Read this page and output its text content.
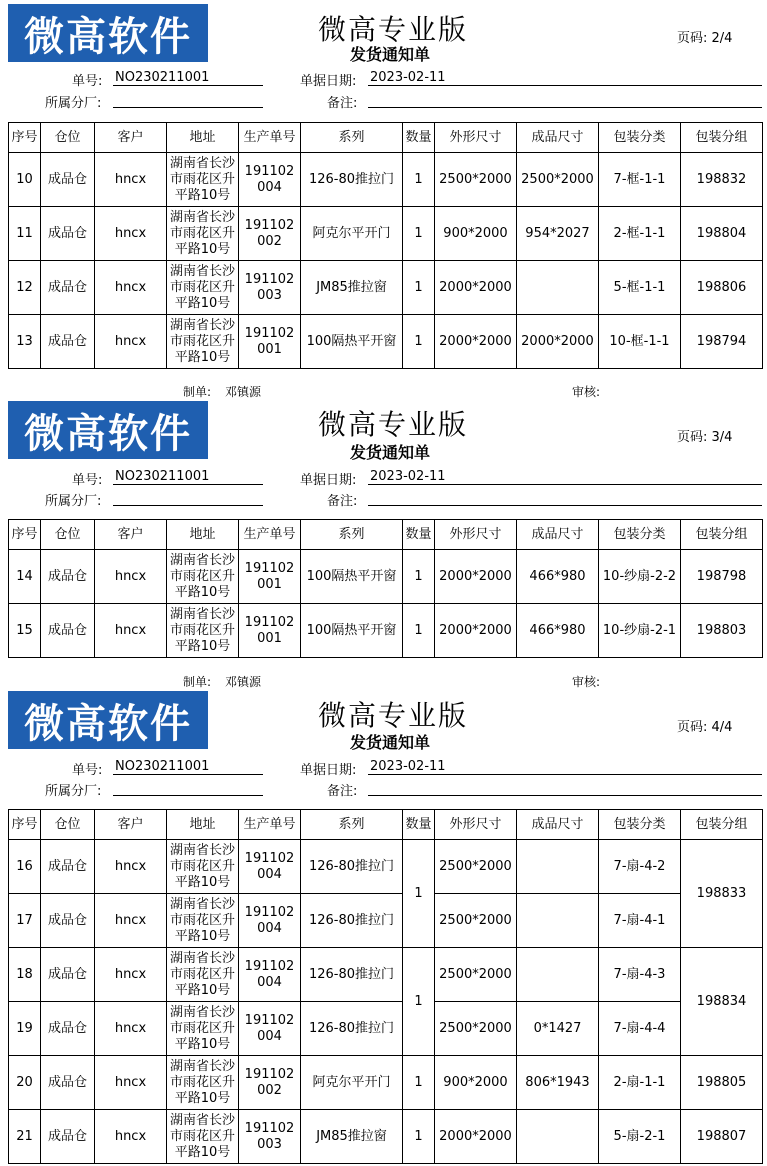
微高软件	微高专业版
发货通知单
页码: 2/4
单号: NO230211001	单据日期: 2023-02-11
所属分厂:	备注:
序号	仓位	客户	地址	生产单号	系列	数量	外形尺寸	成品尺寸	包装分类	包装分组
10	成品仓	hncx	湖南省长沙市雨花区升平路10号	191102004	126-80推拉门	1	2500*2000	2500*2000	7-框-1-1	198832
11	成品仓	hncx	湖南省长沙市雨花区升平路10号	191102002	阿克尔平开门	1	900*2000	954*2027	2-框-1-1	198804
12	成品仓	hncx	湖南省长沙市雨花区升平路10号	191102003	JM85推拉窗	1	2000*2000		5-框-1-1	198806
13	成品仓	hncx	湖南省长沙市雨花区升平路10号	191102001	100隔热平开窗	1	2000*2000	2000*2000	10-框-1-1	198794
制单: 邓镇源	审核:
微高软件	微高专业版
发货通知单
页码: 3/4
单号: NO230211001	单据日期: 2023-02-11
所属分厂:	备注:
序号	仓位	客户	地址	生产单号	系列	数量	外形尺寸	成品尺寸	包装分类	包装分组
14	成品仓	hncx	湖南省长沙市雨花区升平路10号	191102001	100隔热平开窗	1	2000*2000	466*980	10-纱扇-2-2	198798
15	成品仓	hncx	湖南省长沙市雨花区升平路10号	191102001	100隔热平开窗	1	2000*2000	466*980	10-纱扇-2-1	198803
制单: 邓镇源	审核:
微高软件	微高专业版
发货通知单
页码: 4/4
单号: NO230211001	单据日期: 2023-02-11
所属分厂:	备注:
序号	仓位	客户	地址	生产单号	系列	数量	外形尺寸	成品尺寸	包装分类	包装分组
16	成品仓	hncx	湖南省长沙市雨花区升平路10号	191102004	126-80推拉门	1	2500*2000		7-扇-4-2	198833
17	成品仓	hncx	湖南省长沙市雨花区升平路10号	191102004	126-80推拉门		2500*2000		7-扇-4-1	
18	成品仓	hncx	湖南省长沙市雨花区升平路10号	191102004	126-80推拉门	1	2500*2000		7-扇-4-3	198834
19	成品仓	hncx	湖南省长沙市雨花区升平路10号	191102004	126-80推拉门		2500*2000	0*1427	7-扇-4-4	
20	成品仓	hncx	湖南省长沙市雨花区升平路10号	191102002	阿克尔平开门	1	900*2000	806*1943	2-扇-1-1	198805
21	成品仓	hncx	湖南省长沙市雨花区升平路10号	191102003	JM85推拉窗	1	2000*2000		5-扇-2-1	198807
